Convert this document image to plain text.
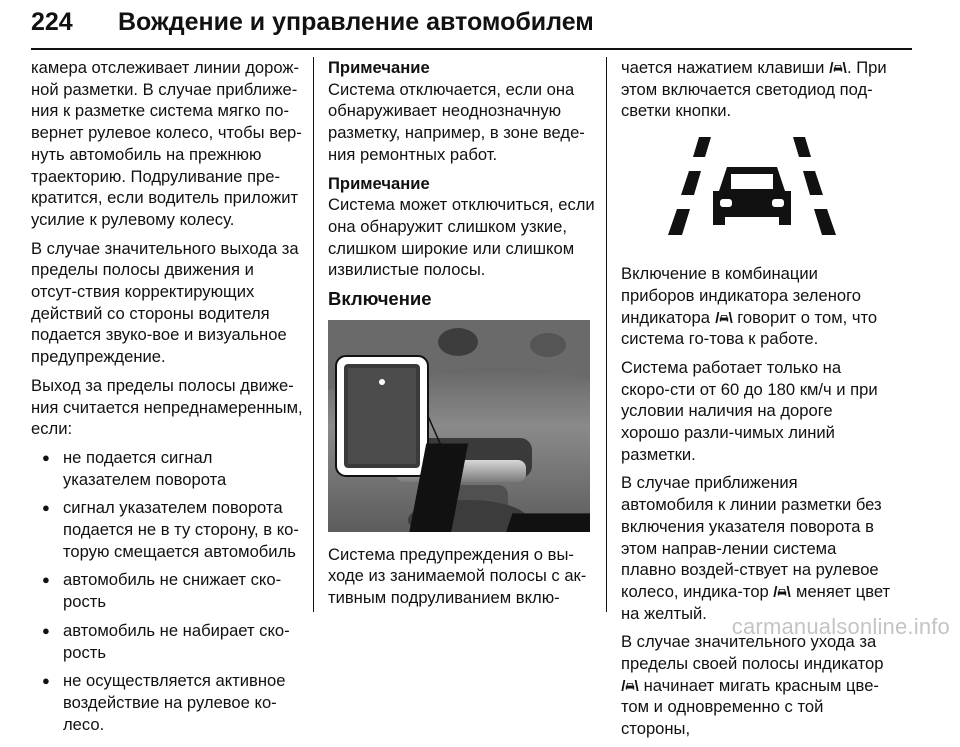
224 Вождение и управление автомобилем

камера отслеживает линии дорож-ной разметки. В случае приближе-ния к разметке система мягко по-вернет рулевое колесо, чтобы вер-нуть автомобиль на прежнюю траекторию. Подруливание пре-кратится, если водитель приложит усилие к рулевому колесу.

В случае значительного выхода за пределы полосы движения и отсут-ствия корректирующих действий со стороны водителя подается звуко-вое и визуальное предупреждение.

Выход за пределы полосы движе-ния считается непреднамеренным, если:

● не подается сигнал указателем поворота
● сигнал указателем поворота подается не в ту сторону, в ко-торую смещается автомобиль
● автомобиль не снижает ско-рость
● автомобиль не набирает ско-рость
● не осуществляется активное воздействие на рулевое ко-лесо.
Примечание

Система отключается, если она обнаруживает неоднозначную разметку, например, в зоне веде-ния ремонтных работ.

Примечание

Система может отключиться, если она обнаружит слишком узкие, слишком широкие или слишком извилистые полосы.

Включение

Система предупреждения о вы-ходе из занимаемой полосы с ак-тивным подруливанием вклю-

чается нажатием клавиши . При этом включается светодиод под-светки кнопки.

Включение в комбинации приборов индикатора зеленого индикатора говорит о том, что система го-това к работе.

Система работает только на скоро-сти от 60 до 180 км/ч и при условии наличия на дороге хорошо разли-чимых линий разметки.

В случае приближения автомобиля к линии разметки без включения указателя поворота в этом направ-лении система плавно воздей-ствует на рулевое колесо, индика-тор меняет цвет на желтый.

В случае значительного ухода за пределы своей полосы индикатор  начинает мигать красным цве-том и одновременно с той стороны,

carmanualsonline.info
